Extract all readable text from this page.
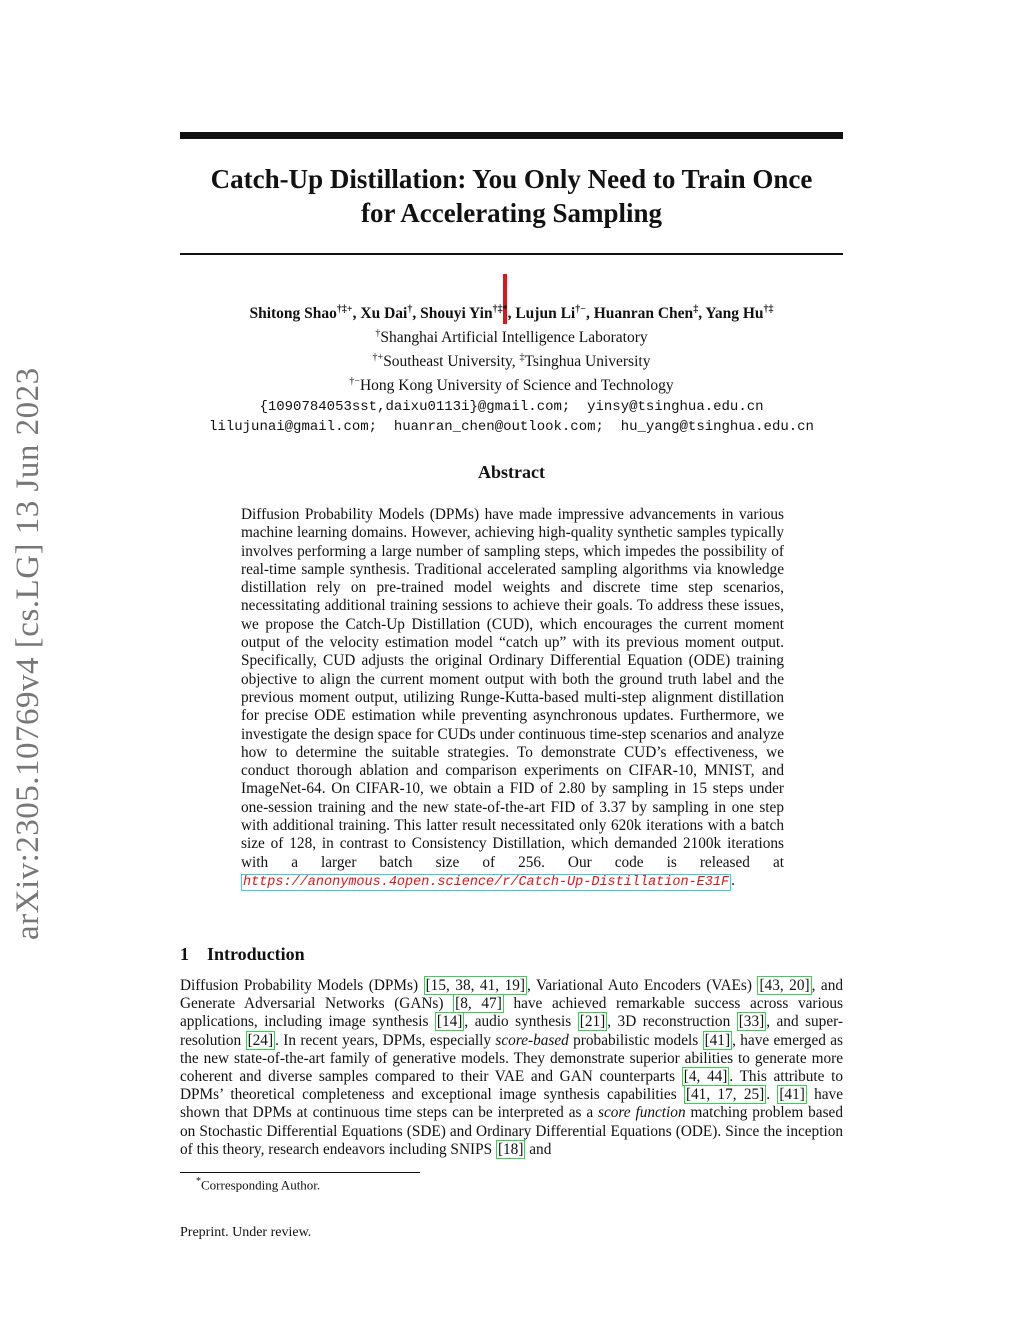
arXiv:2305.10769v4 [cs.LG] 13 Jun 2023
Catch-Up Distillation: You Only Need to Train Once
for Accelerating Sampling
Shitong Shao†‡+, Xu Dai†, Shouyi Yin†‡*, Lujun Li†−, Huanran Chen‡, Yang Hu†‡
†Shanghai Artificial Intelligence Laboratory
†+Southeast University, ‡Tsinghua University
†−Hong Kong University of Science and Technology
{1090784053sst,daixu0113i}@gmail.com;  yinsy@tsinghua.edu.cn
lilujunai@gmail.com;  huanran_chen@outlook.com;  hu_yang@tsinghua.edu.cn
Abstract
Diffusion Probability Models (DPMs) have made impressive advancements in various machine learning domains. However, achieving high-quality synthetic samples typically involves performing a large number of sampling steps, which impedes the possibility of real-time sample synthesis. Traditional accelerated sampling algorithms via knowledge distillation rely on pre-trained model weights and discrete time step scenarios, necessitating additional training sessions to achieve their goals. To address these issues, we propose the Catch-Up Distillation (CUD), which encourages the current moment output of the velocity estimation model “catch up” with its previous moment output. Specifically, CUD adjusts the original Ordinary Differential Equation (ODE) training objective to align the current moment output with both the ground truth label and the previous moment output, utilizing Runge-Kutta-based multi-step alignment distillation for precise ODE estimation while preventing asynchronous updates. Furthermore, we investigate the design space for CUDs under continuous time-step scenarios and analyze how to determine the suitable strategies. To demonstrate CUD’s effectiveness, we conduct thorough ablation and comparison experiments on CIFAR-10, MNIST, and ImageNet-64. On CIFAR-10, we obtain a FID of 2.80 by sampling in 15 steps under one-session training and the new state-of-the-art FID of 3.37 by sampling in one step with additional training. This latter result necessitated only 620k iterations with a batch size of 128, in contrast to Consistency Distillation, which demanded 2100k iterations with a larger batch size of 256. Our code is released at https://anonymous.4open.science/r/Catch-Up-Distillation-E31F .
1 Introduction
Diffusion Probability Models (DPMs) [15, 38, 41, 19] , Variational Auto Encoders (VAEs) [43, 20] , and Generate Adversarial Networks (GANs) [8, 47] have achieved remarkable success across various applications, including image synthesis [14] , audio synthesis [21] , 3D reconstruction [33] , and super-resolution [24] . In recent years, DPMs, especially score-based probabilistic models [41] , have emerged as the new state-of-the-art family of generative models. They demonstrate superior abilities to generate more coherent and diverse samples compared to their VAE and GAN counterparts [4, 44] . This attribute to DPMs’ theoretical completeness and exceptional image synthesis capabilities [41, 17, 25] . [41] have shown that DPMs at continuous time steps can be interpreted as a score function matching problem based on Stochastic Differential Equations (SDE) and Ordinary Differential Equations (ODE). Since the inception of this theory, research endeavors including SNIPS [18] and
*Corresponding Author.
Preprint. Under review.
